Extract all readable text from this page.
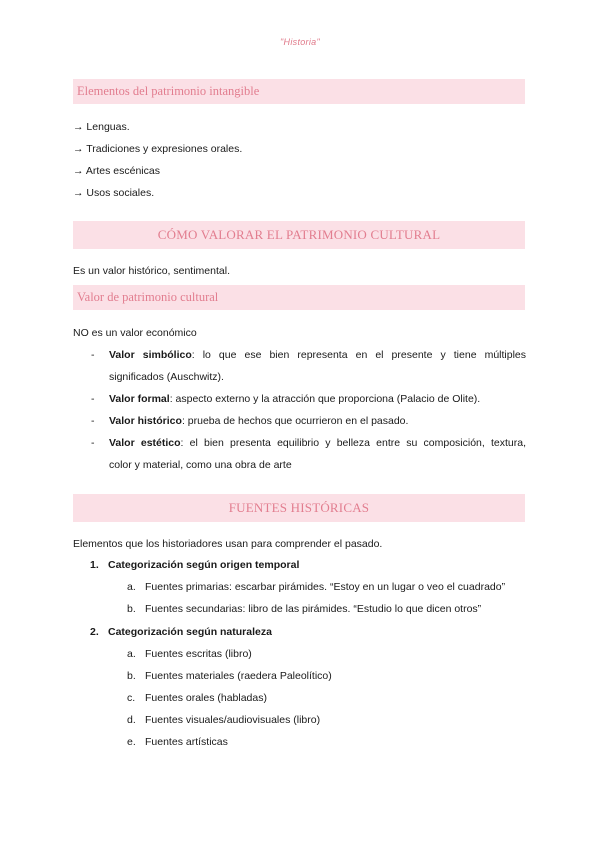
"Historia"
Elementos del patrimonio intangible
→ Lenguas.
→ Tradiciones y expresiones orales.
→ Artes escénicas
→ Usos sociales.
CÓMO VALORAR EL PATRIMONIO CULTURAL
Es un valor histórico, sentimental.
Valor de patrimonio cultural
NO es un valor económico
- Valor simbólico: lo que ese bien representa en el presente y tiene múltiples
significados (Auschwitz).
- Valor formal: aspecto externo y la atracción que proporciona (Palacio de Olite).
- Valor histórico: prueba de hechos que ocurrieron en el pasado.
- Valor estético: el bien presenta equilibrio y belleza entre su composición, textura,
color y material, como una obra de arte
FUENTES HISTÓRICAS
Elementos que los historiadores usan para comprender el pasado.
1. Categorización según origen temporal
a. Fuentes primarias: escarbar pirámides. “Estoy en un lugar o veo el cuadrado”
b. Fuentes secundarias: libro de las pirámides. “Estudio lo que dicen otros”
2. Categorización según naturaleza
a. Fuentes escritas (libro)
b. Fuentes materiales (raedera Paleolítico)
c. Fuentes orales (habladas)
d. Fuentes visuales/audiovisuales (libro)
e. Fuentes artísticas
